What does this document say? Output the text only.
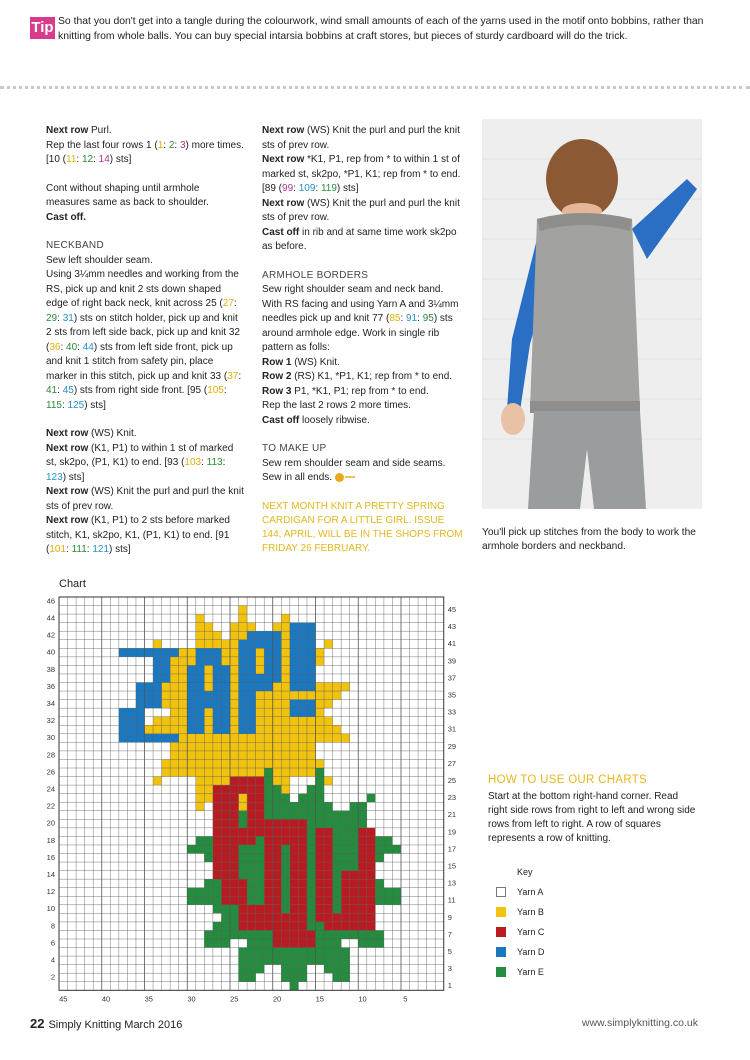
Tip So that you don't get into a tangle during the colourwork, wind small amounts of each of the yarns used in the motif onto bobbins, rather than knitting from whole balls. You can buy special intarsia bobbins at craft stores, but pieces of sturdy cardboard will do the trick.

Next row Purl.

Rep the last four rows 1 (1: 2: 3) more times. [10 (11: 12: 14) sts]

Cont without shaping until armhole measures same as back to shoulder.

Cast off.

NECKBAND

Sew left shoulder seam.

Using 3¼mm needles and working from the RS, pick up and knit 2 sts down shaped edge of right back neck, knit across 25 (27: 29: 31) sts on stitch holder, pick up and knit 2 sts from left side back, pick up and knit 32 (36: 40: 44) sts from left side front, pick up and knit 1 stitch from safety pin, place marker in this stitch, pick up and knit 33 (37: 41: 45) sts from right side front. [95 (105: 115: 125) sts]

Next row (WS) Knit.

Next row (K1, P1) to within 1 st of marked st, sk2po, (P1, K1) to end. [93 (103: 113: 123) sts]

Next row (WS) Knit the purl and purl the knit sts of prev row.

Next row (K1, P1) to 2 sts before marked stitch, K1, sk2po, K1, (P1, K1) to end. [91 (101: 111: 121) sts]

Next row (WS) Knit the purl and purl the knit sts of prev row.

Next row *K1, P1, rep from * to within 1 st of marked st, sk2po, *P1, K1; rep from * to end. [89 (99: 109: 119) sts]

Next row (WS) Knit the purl and purl the knit sts of prev row.

Cast off in rib and at same time work sk2po as before.

ARMHOLE BORDERS

Sew right shoulder seam and neck band. With RS facing and using Yarn A and 3¼mm needles pick up and knit 77 (85: 91: 95) sts around armhole edge. Work in single rib pattern as folls:

Row 1 (WS) Knit.

Row 2 (RS) K1, *P1, K1; rep from * to end.

Row 3 P1, *K1, P1; rep from * to end.

Rep the last 2 rows 2 more times.

Cast off loosely ribwise.

TO MAKE UP

Sew rem shoulder seam and side seams. Sew in all ends.

NEXT MONTH KNIT A PRETTY SPRING CARDIGAN FOR A LITTLE GIRL. ISSUE 144, APRIL, WILL BE IN THE SHOPS FROM FRIDAY 26 FEBRUARY.

You'll pick up stitches from the body to work the armhole borders and neckband.
Chart
2
4
6
8
10
12
14
16
18
20
22
24
26
28
30
32
34
36
38
40
42
44
46
1
3
5
7
9
11
13
15
17
19
21
23
25
27
29
31
33
35
37
39
41
43
45
45	40	35	30	25	20	15	10	5
HOW TO USE OUR CHARTS
Start at the bottom right-hand corner. Read right side rows from right to left and wrong side rows from left to right. A row of squares represents a row of knitting.
Key
Yarn A
Yarn B
Yarn C
Yarn D
Yarn E
22 Simply Knitting March 2016	www.simplyknitting.co.uk
